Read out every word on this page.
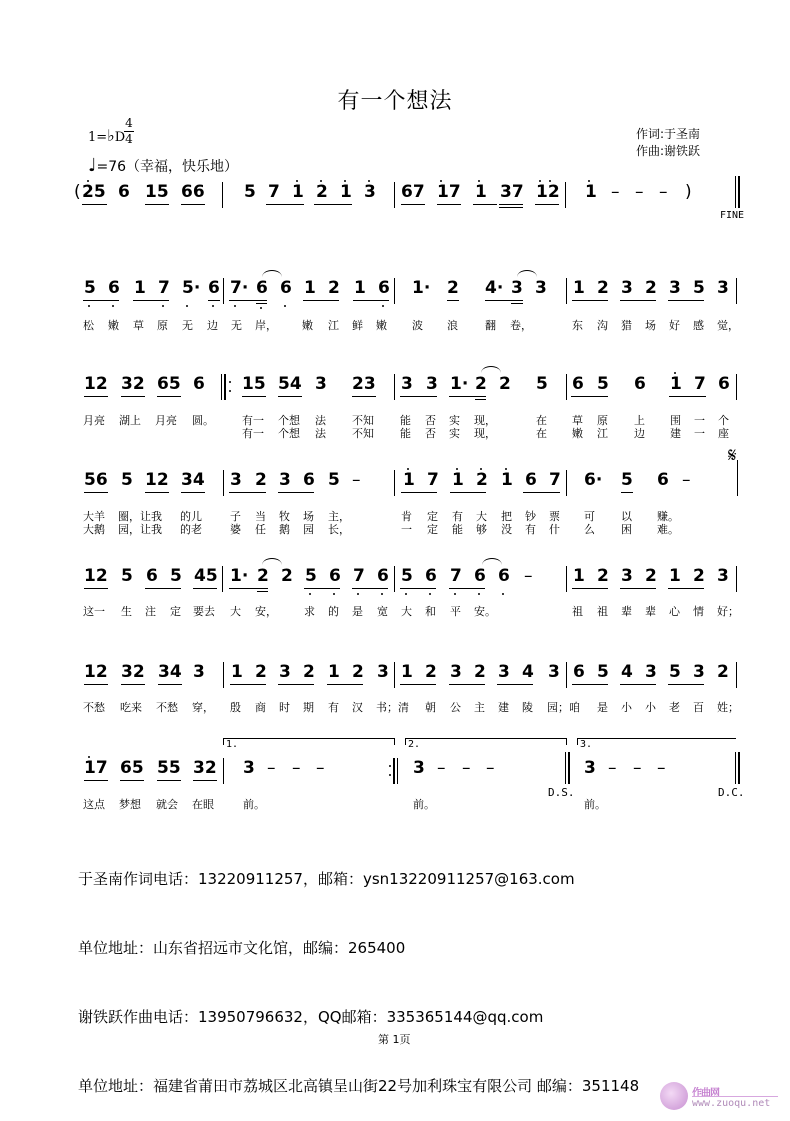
有一个想法
1=♭D
4
4
♩=76（幸福，快乐地）
作词:于圣南
作曲:谢铁跃
( 25 6 15 66 5 7 1 2 1 3 67 17 1 37 12 1 – – – )
FINE
5 6 1 7 5· 6 7· 6 6 1 2 1 6 1· 2 4· 3 3 1 2 3 2 3 5 3
松 嫩 草 原 无 边 无 岸， 嫩 江 鲜 嫩 波 浪 翻 卷，	东 沟 猎 场 好 感 觉，
12 32 65 6 15 54 3 23 3 3 1· 2 2 5 6 5 6 1 7 6
月亮 湖上 月亮 圆。	有一 个想 法 不知 能 否 实 现，	在 草 原 上 围 一 个
有一 个想 法 不知 能 否 实 现，	在 嫩 江 边 建 一 座
56 5 12 34 3 2 3 6 5 –	1 7 1 2 1 6 7 6· 5 6 –
𝄋
大羊 圈，让我 的儿	子 当 牧 场 主，	肯 定 有 大 把 钞 票 可 以 赚。
大鹅 园，让我 的老	婆 任 鹅 园 长，	一 定 能 够 没 有 什 么 困 难。
12 5 6 5 45 1· 2 2 5 6 7 6 5 6 7 6 6 – 1 2 3 2 1 2 3
这一 生 注 定 要去 大 安， 求 的 是 宽 大 和 平 安。	祖 祖 辈 辈 心 情 好；
12 32 34 3 1 2 3 2 1 2 3 1 2 3 2 3 4 3 6 5 4 3 5 3 2
不愁 吃来 不愁 穿， 殷 商 时 期 有 汉 书；清 朝 公 主 建 陵 园；咱 是 小 小 老 百 姓；
1.	2.	3.
17 65 55 32 3 – – –	3 – – –
D.S.
3 – – –
D.C.
这点 梦想 就会 在眼	前。	前。	前。

于圣南作词电话：13220911257，邮箱：ysn13220911257@163.com

单位地址：山东省招远市文化馆，邮编：265400

谢铁跃作曲电话：13950796632，QQ邮箱：335365144@qq.com

单位地址：福建省莆田市荔城区北高镇呈山街22号加利珠宝有限公司 邮编：351148

第 1页
作曲网
www.zuoqu.net
